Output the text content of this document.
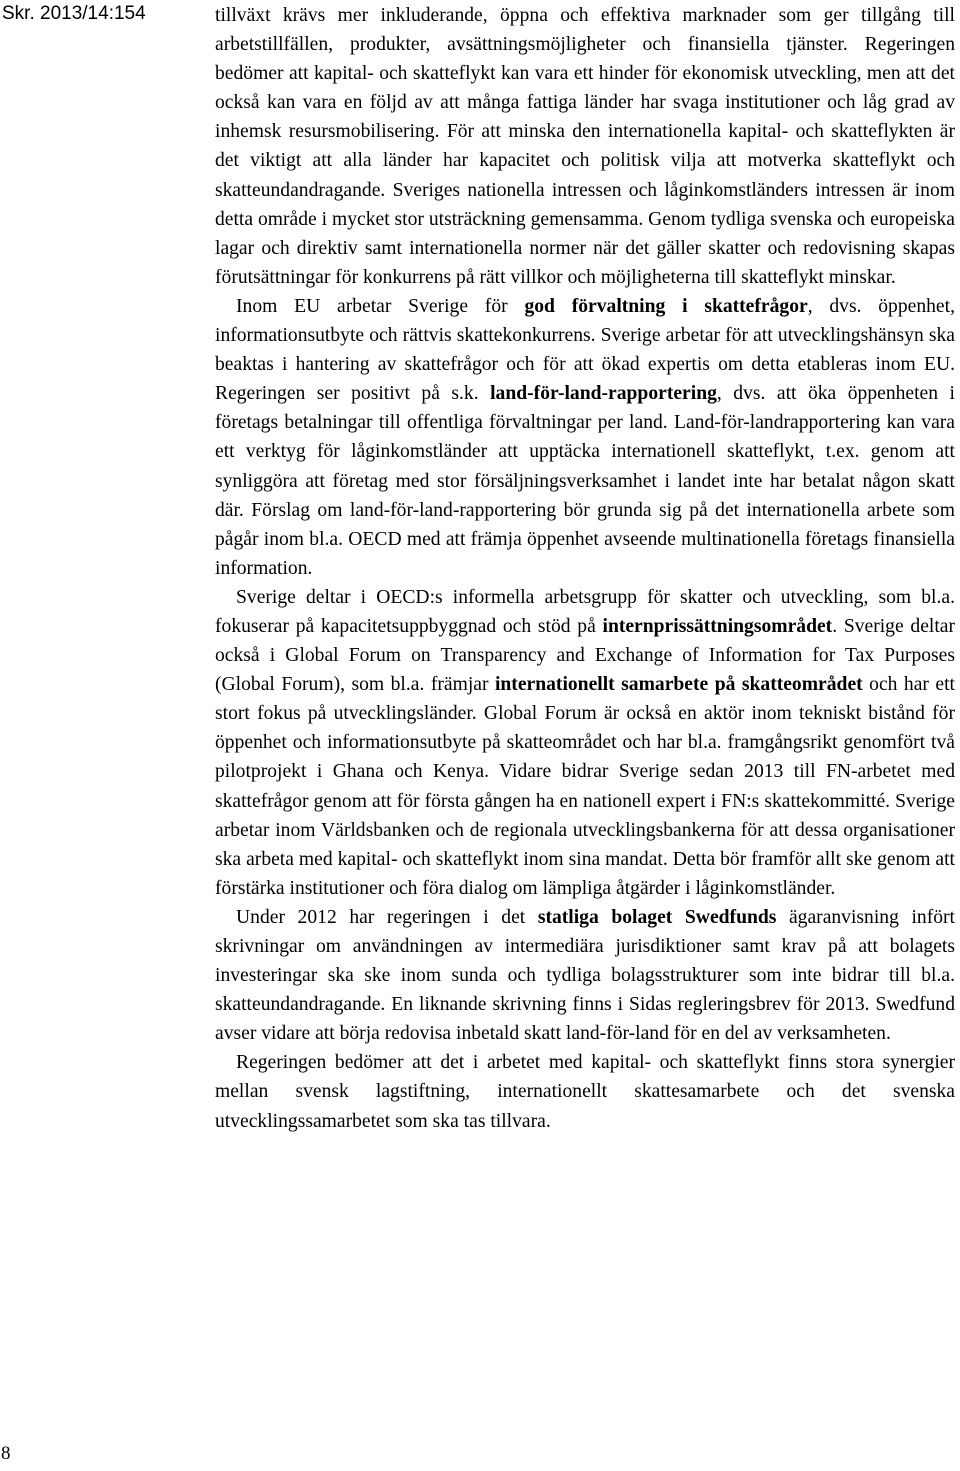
Skr. 2013/14:154	tillväxt krävs mer inkluderande, öppna och effektiva marknader som ger tillgång till arbetstillfällen, produkter, avsättningsmöjligheter och finansiella tjänster. Regeringen bedömer att kapital- och skatteflykt kan vara ett hinder för ekonomisk utveckling, men att det också kan vara en följd av att många fattiga länder har svaga institutioner och låg grad av inhemsk resursmobilisering. För att minska den internationella kapital- och skatteflykten är det viktigt att alla länder har kapacitet och politisk vilja att motverka skatteflykt och skatteundandragande. Sveriges nationella intressen och låginkomstländers intressen är inom detta område i mycket stor utsträckning gemensamma. Genom tydliga svenska och europeiska lagar och direktiv samt internationella normer när det gäller skatter och redovisning skapas förutsättningar för konkurrens på rätt villkor och möjligheterna till skatteflykt minskar.

Inom EU arbetar Sverige för god förvaltning i skattefrågor, dvs. öppenhet, informationsutbyte och rättvis skattekonkurrens. Sverige arbetar för att utvecklingshänsyn ska beaktas i hantering av skattefrågor och för att ökad expertis om detta etableras inom EU. Regeringen ser positivt på s.k. land-för-land-rapportering, dvs. att öka öppenheten i företags betalningar till offentliga förvaltningar per land. Land-för-landrapportering kan vara ett verktyg för låginkomstländer att upptäcka internationell skatteflykt, t.ex. genom att synliggöra att företag med stor försäljningsverksamhet i landet inte har betalat någon skatt där. Förslag om land-för-land-rapportering bör grunda sig på det internationella arbete som pågår inom bl.a. OECD med att främja öppenhet avseende multinationella företags finansiella information.

Sverige deltar i OECD:s informella arbetsgrupp för skatter och utveckling, som bl.a. fokuserar på kapacitetsuppbyggnad och stöd på internprissättningsområdet. Sverige deltar också i Global Forum on Transparency and Exchange of Information for Tax Purposes (Global Forum), som bl.a. främjar internationellt samarbete på skatteområdet och har ett stort fokus på utvecklingsländer. Global Forum är också en aktör inom tekniskt bistånd för öppenhet och informationsutbyte på skatteområdet och har bl.a. framgångsrikt genomfört två pilotprojekt i Ghana och Kenya. Vidare bidrar Sverige sedan 2013 till FN-arbetet med skattefrågor genom att för första gången ha en nationell expert i FN:s skattekommitté. Sverige arbetar inom Världsbanken och de regionala utvecklingsbankerna för att dessa organisationer ska arbeta med kapital- och skatteflykt inom sina mandat. Detta bör framför allt ske genom att förstärka institutioner och föra dialog om lämpliga åtgärder i låginkomstländer.

Under 2012 har regeringen i det statliga bolaget Swedfunds ägaranvisning infört skrivningar om användningen av intermediära jurisdiktioner samt krav på att bolagets investeringar ska ske inom sunda och tydliga bolagsstrukturer som inte bidrar till bl.a. skatteundandragande. En liknande skrivning finns i Sidas regleringsbrev för 2013. Swedfund avser vidare att börja redovisa inbetald skatt land-för-land för en del av verksamheten.

Regeringen bedömer att det i arbetet med kapital- och skatteflykt finns stora synergier mellan svensk lagstiftning, internationellt skattesamarbete och det svenska utvecklingssamarbetet som ska tas tillvara.

8
